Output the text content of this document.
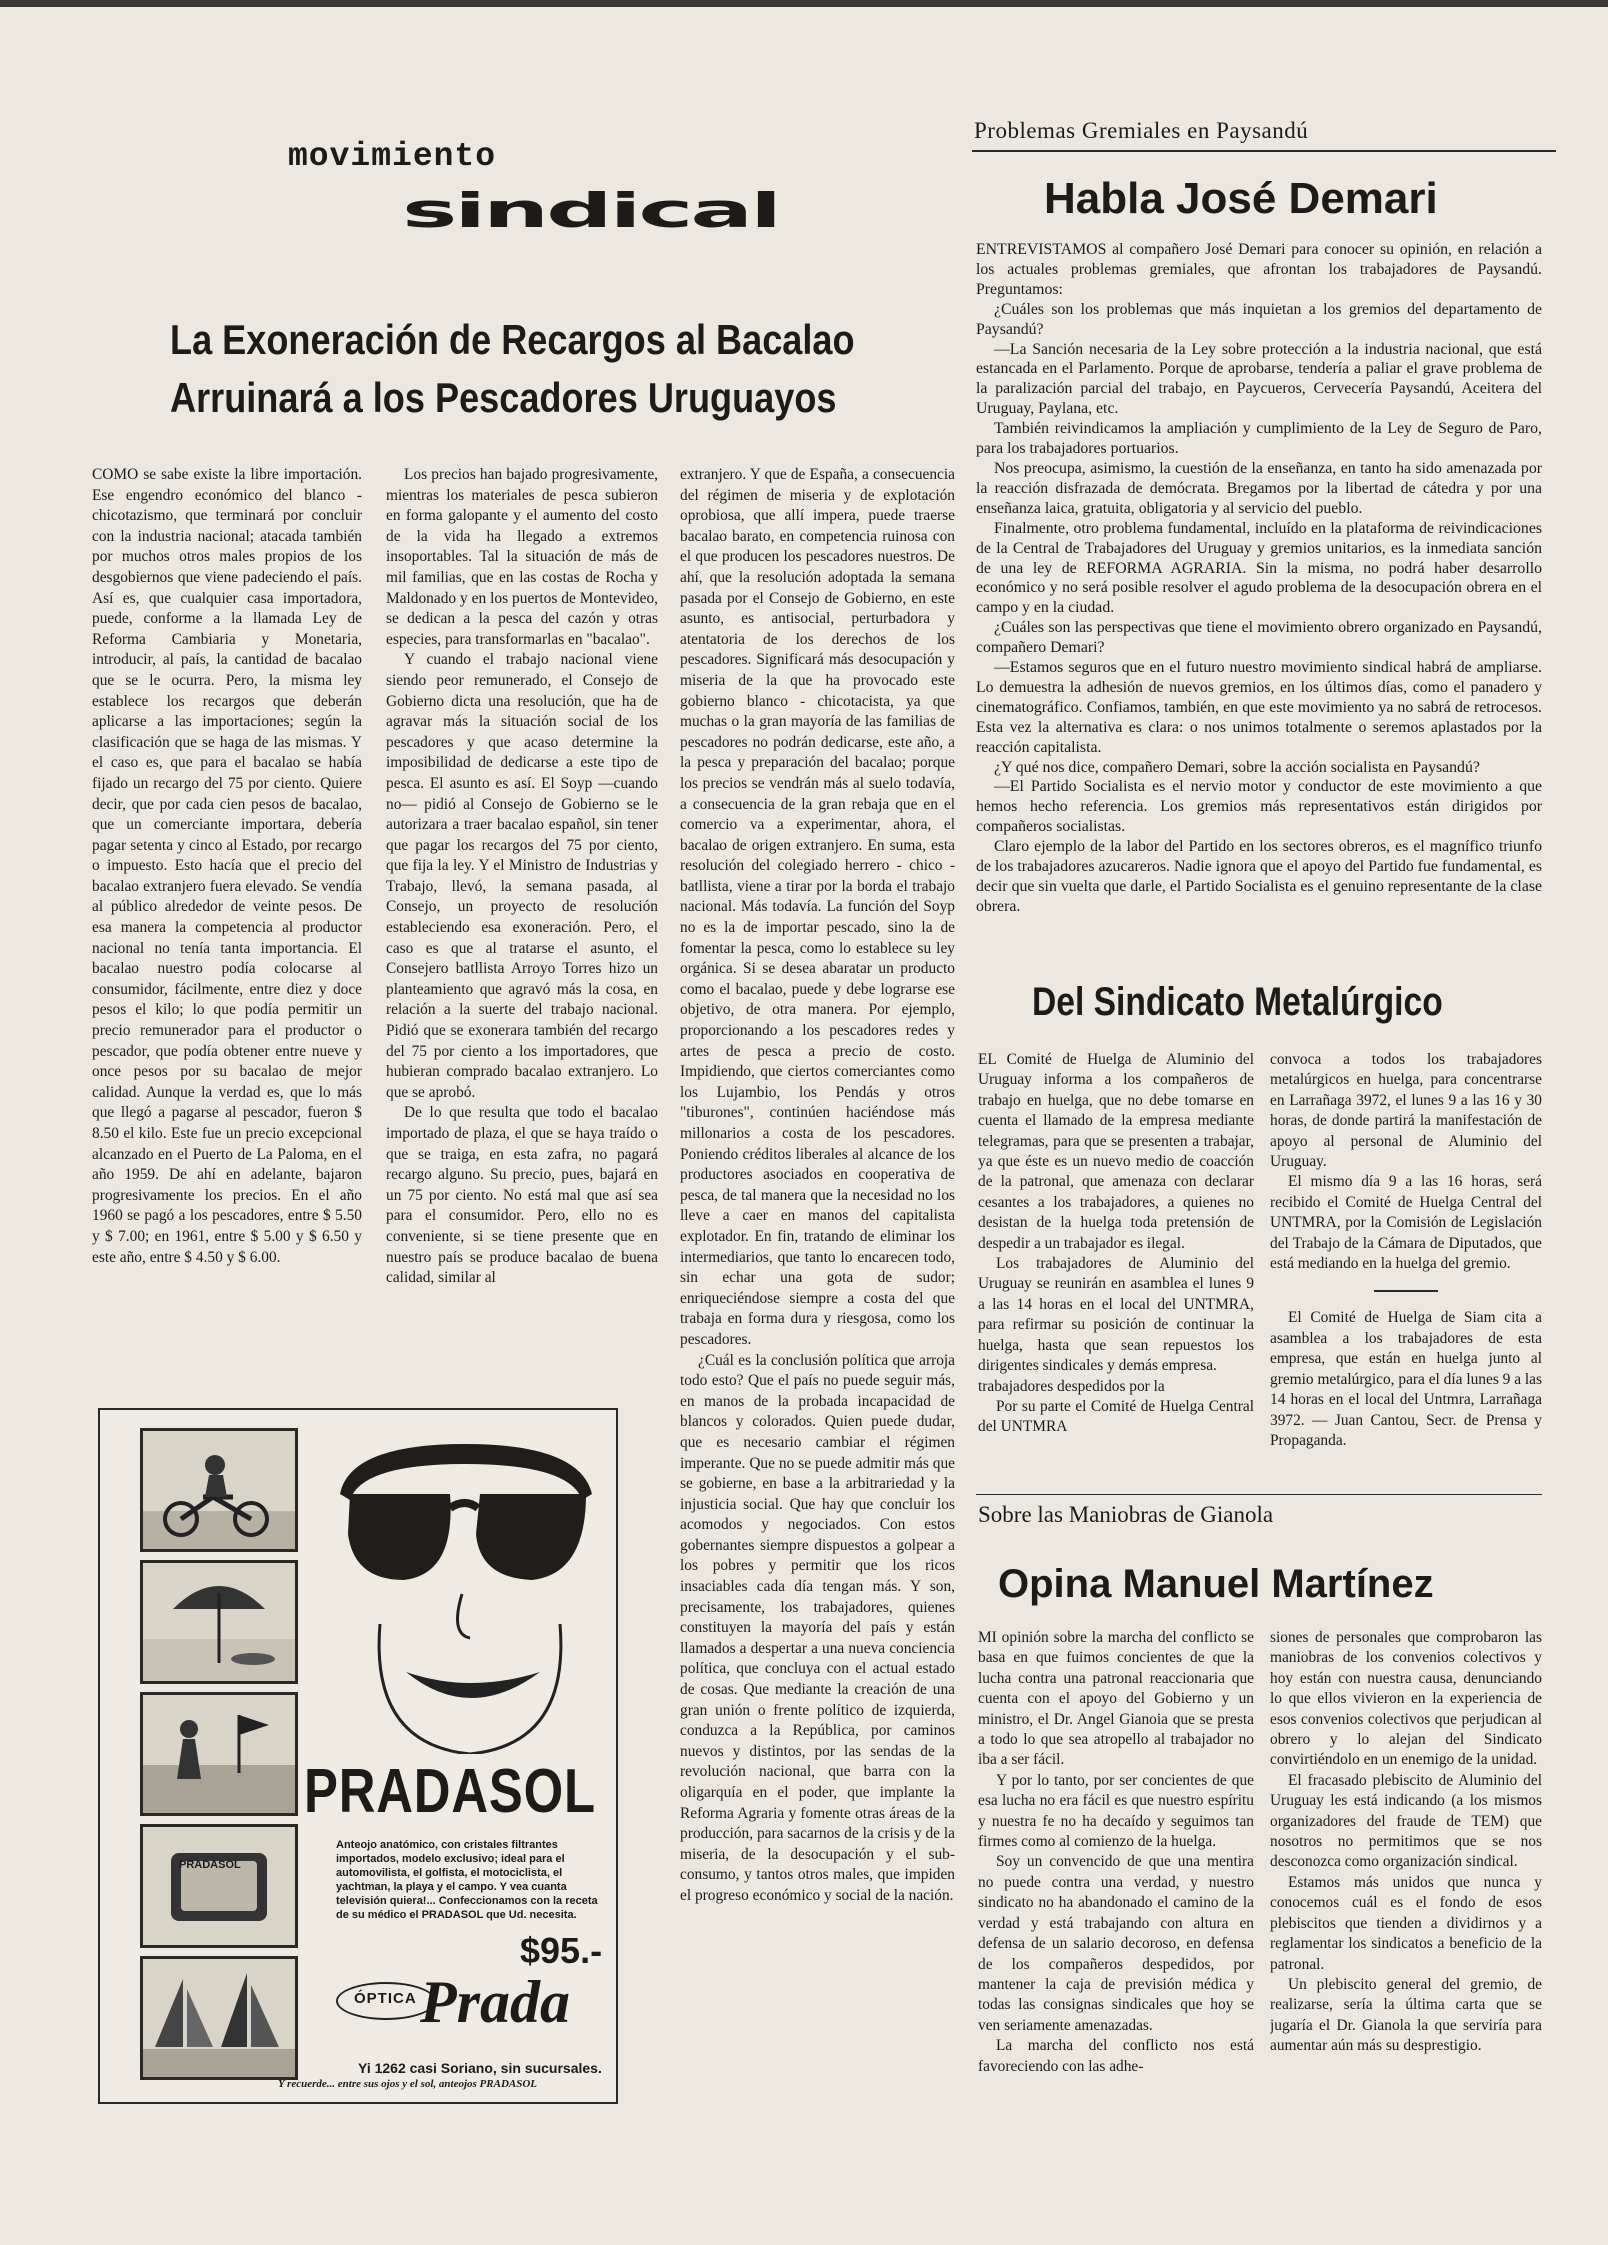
movimiento
sindical
La Exoneración de Recargos al Bacalao
Arruinará a los Pescadores Uruguayos

COMO se sabe existe la libre importación. Ese engendro económico del blanco - chicotazismo, que terminará por concluir con la industria nacional; atacada también por muchos otros males propios de los desgobiernos que viene padeciendo el país. Así es, que cualquier casa importadora, puede, conforme a la llamada Ley de Reforma Cambiaria y Monetaria, introducir, al país, la cantidad de bacalao que se le ocurra. Pero, la misma ley establece los recargos que deberán aplicarse a las importaciones; según la clasificación que se haga de las mismas. Y el caso es, que para el bacalao se había fijado un recargo del 75 por ciento. Quiere decir, que por cada cien pesos de bacalao, que un comerciante importara, debería pagar setenta y cinco al Estado, por recargo o impuesto. Esto hacía que el precio del bacalao extranjero fuera elevado. Se vendía al público alrededor de veinte pesos. De esa manera la competencia al productor nacional no tenía tanta importancia. El bacalao nuestro podía colocarse al consumidor, fácilmente, entre diez y doce pesos el kilo; lo que podía permitir un precio remunerador para el productor o pescador, que podía obtener entre nueve y once pesos por su bacalao de mejor calidad. Aunque la verdad es, que lo más que llegó a pagarse al pescador, fueron $ 8.50 el kilo. Este fue un precio excepcional alcanzado en el Puerto de La Paloma, en el año 1959. De ahí en adelante, bajaron progresivamente los precios. En el año 1960 se pagó a los pescadores, entre $ 5.50 y $ 7.00; en 1961, entre $ 5.00 y $ 6.50 y este año, entre $ 4.50 y $ 6.00.

Los precios han bajado progresivamente, mientras los materiales de pesca subieron en forma galopante y el aumento del costo de la vida ha llegado a extremos insoportables. Tal la situación de más de mil familias, que en las costas de Rocha y Maldonado y en los puertos de Montevideo, se dedican a la pesca del cazón y otras especies, para transformarlas en "bacalao".

Y cuando el trabajo nacional viene siendo peor remunerado, el Consejo de Gobierno dicta una resolución, que ha de agravar más la situación social de los pescadores y que acaso determine la imposibilidad de dedicarse a este tipo de pesca. El asunto es así. El Soyp —cuando no— pidió al Consejo de Gobierno se le autorizara a traer bacalao español, sin tener que pagar los recargos del 75 por ciento, que fija la ley. Y el Ministro de Industrias y Trabajo, llevó, la semana pasada, al Consejo, un proyecto de resolución estableciendo esa exoneración. Pero, el caso es que al tratarse el asunto, el Consejero batllista Arroyo Torres hizo un planteamiento que agravó más la cosa, en relación a la suerte del trabajo nacional. Pidió que se exonerara también del recargo del 75 por ciento a los importadores, que hubieran comprado bacalao extranjero. Lo que se aprobó.

De lo que resulta que todo el bacalao importado de plaza, el que se haya traído o que se traiga, en esta zafra, no pagará recargo alguno. Su precio, pues, bajará en un 75 por ciento. No está mal que así sea para el consumidor. Pero, ello no es conveniente, si se tiene presente que en nuestro país se produce bacalao de buena calidad, similar al

extranjero. Y que de España, a consecuencia del régimen de miseria y de explotación oprobiosa, que allí impera, puede traerse bacalao barato, en competencia ruinosa con el que producen los pescadores nuestros. De ahí, que la resolución adoptada la semana pasada por el Consejo de Gobierno, en este asunto, es antisocial, perturbadora y atentatoria de los derechos de los pescadores. Significará más desocupación y miseria de la que ha provocado este gobierno blanco - chicotacista, ya que muchas o la gran mayoría de las familias de pescadores no podrán dedicarse, este año, a la pesca y preparación del bacalao; porque los precios se vendrán más al suelo todavía, a consecuencia de la gran rebaja que en el comercio va a experimentar, ahora, el bacalao de origen extranjero. En suma, esta resolución del colegiado herrero - chico - batllista, viene a tirar por la borda el trabajo nacional. Más todavía. La función del Soyp no es la de importar pescado, sino la de fomentar la pesca, como lo establece su ley orgánica. Si se desea abaratar un producto como el bacalao, puede y debe lograrse ese objetivo, de otra manera. Por ejemplo, proporcionando a los pescadores redes y artes de pesca a precio de costo. Impidiendo, que ciertos comerciantes como los Lujambio, los Pendás y otros "tiburones", continúen haciéndose más millonarios a costa de los pescadores. Poniendo créditos liberales al alcance de los productores asociados en cooperativa de pesca, de tal manera que la necesidad no los lleve a caer en manos del capitalista explotador. En fin, tratando de eliminar los intermediarios, que tanto lo encarecen todo, sin echar una gota de sudor; enriqueciéndose siempre a costa del que trabaja en forma dura y riesgosa, como los pescadores.

¿Cuál es la conclusión política que arroja todo esto? Que el país no puede seguir más, en manos de la probada incapacidad de blancos y colorados. Quien puede dudar, que es necesario cambiar el régimen imperante. Que no se puede admitir más que se gobierne, en base a la arbitrariedad y la injusticia social. Que hay que concluir los acomodos y negociados. Con estos gobernantes siempre dispuestos a golpear a los pobres y permitir que los ricos insaciables cada día tengan más. Y son, precisamente, los trabajadores, quienes constituyen la mayoría del país y están llamados a despertar a una nueva conciencia política, que concluya con el actual estado de cosas. Que mediante la creación de una gran unión o frente político de izquierda, conduzca a la República, por caminos nuevos y distintos, por las sendas de la revolución nacional, que barra con la oligarquía en el poder, que implante la Reforma Agraria y fomente otras áreas de la producción, para sacarnos de la crisis y de la miseria, de la desocupación y el sub-consumo, y tantos otros males, que impiden el progreso económico y social de la nación.

PRADASOL
PRADASOL
Anteojo anatómico, con cristales filtrantes importados, modelo exclusivo; ideal para el automovilista, el golfista, el motociclista, el yachtman, la playa y el campo. Y vea cuanta televisión quiera!... Confeccionamos con la receta de su médico el PRADASOL que Ud. necesita.
$95.-
ÓPTICA Prada
Yi 1262 casi Soriano, sin sucursales.
Y recuerde... entre sus ojos y el sol, anteojos PRADASOL
Problemas Gremiales en Paysandú
Habla José Demari

ENTREVISTAMOS al compañero José Demari para conocer su opinión, en relación a los actuales problemas gremiales, que afrontan los trabajadores de Paysandú. Preguntamos:

¿Cuáles son los problemas que más inquietan a los gremios del departamento de Paysandú?

—La Sanción necesaria de la Ley sobre protección a la industria nacional, que está estancada en el Parlamento. Porque de aprobarse, tendería a paliar el grave problema de la paralización parcial del trabajo, en Paycueros, Cervecería Paysandú, Aceitera del Uruguay, Paylana, etc.

También reivindicamos la ampliación y cumplimiento de la Ley de Seguro de Paro, para los trabajadores portuarios.

Nos preocupa, asimismo, la cuestión de la enseñanza, en tanto ha sido amenazada por la reacción disfrazada de demócrata. Bregamos por la libertad de cátedra y por una enseñanza laica, gratuita, obligatoria y al servicio del pueblo.

Finalmente, otro problema fundamental, incluído en la plataforma de reivindicaciones de la Central de Trabajadores del Uruguay y gremios unitarios, es la inmediata sanción de una ley de REFORMA AGRARIA. Sin la misma, no podrá haber desarrollo económico y no será posible resolver el agudo problema de la desocupación obrera en el campo y en la ciudad.

¿Cuáles son las perspectivas que tiene el movimiento obrero organizado en Paysandú, compañero Demari?

—Estamos seguros que en el futuro nuestro movimiento sindical habrá de ampliarse. Lo demuestra la adhesión de nuevos gremios, en los últimos días, como el panadero y cinematográfico. Confiamos, también, en que este movimiento ya no sabrá de retrocesos. Esta vez la alternativa es clara: o nos unimos totalmente o seremos aplastados por la reacción capitalista.

¿Y qué nos dice, compañero Demari, sobre la acción socialista en Paysandú?

—El Partido Socialista es el nervio motor y conductor de este movimiento a que hemos hecho referencia. Los gremios más representativos están dirigidos por compañeros socialistas.

Claro ejemplo de la labor del Partido en los sectores obreros, es el magnífico triunfo de los trabajadores azucareros. Nadie ignora que el apoyo del Partido fue fundamental, es decir que sin vuelta que darle, el Partido Socialista es el genuino representante de la clase obrera.

Del Sindicato Metalúrgico

EL Comité de Huelga de Aluminio del Uruguay informa a los compañeros de trabajo en huelga, que no debe tomarse en cuenta el llamado de la empresa mediante telegramas, para que se presenten a trabajar, ya que éste es un nuevo medio de coacción de la patronal, que amenaza con declarar cesantes a los trabajadores, a quienes no desistan de la huelga toda pretensión de despedir a un trabajador es ilegal.

Los trabajadores de Aluminio del Uruguay se reunirán en asamblea el lunes 9 a las 14 horas en el local del UNTMRA, para refirmar su posición de continuar la huelga, hasta que sean repuestos los dirigentes sindicales y demás empresa.

trabajadores despedidos por la

Por su parte el Comité de Huelga Central del UNTMRA

convoca a todos los trabajadores metalúrgicos en huelga, para concentrarse en Larrañaga 3972, el lunes 9 a las 16 y 30 horas, de donde partirá la manifestación de apoyo al personal de Aluminio del Uruguay.

El mismo día 9 a las 16 horas, será recibido el Comité de Huelga Central del UNTMRA, por la Comisión de Legislación del Trabajo de la Cámara de Diputados, que está mediando en la huelga del gremio.

El Comité de Huelga de Siam cita a asamblea a los trabajadores de esta empresa, que están en huelga junto al gremio metalúrgico, para el día lunes 9 a las 14 horas en el local del Untmra, Larrañaga 3972. — Juan Cantou, Secr. de Prensa y Propaganda.

Sobre las Maniobras de Gianola
Opina Manuel Martínez

MI opinión sobre la marcha del conflicto se basa en que fuimos concientes de que la lucha contra una patronal reaccionaria que cuenta con el apoyo del Gobierno y un ministro, el Dr. Angel Gianoia que se presta a todo lo que sea atropello al trabajador no iba a ser fácil.

Y por lo tanto, por ser concientes de que esa lucha no era fácil es que nuestro espíritu y nuestra fe no ha decaído y seguimos tan firmes como al comienzo de la huelga.

Soy un convencido de que una mentira no puede contra una verdad, y nuestro sindicato no ha abandonado el camino de la verdad y está trabajando con altura en defensa de un salario decoroso, en defensa de los compañeros despedidos, por mantener la caja de previsión médica y todas las consignas sindicales que hoy se ven seriamente amenazadas.

La marcha del conflicto nos está favoreciendo con las adhe-

siones de personales que comprobaron las maniobras de los convenios colectivos y hoy están con nuestra causa, denunciando lo que ellos vivieron en la experiencia de esos convenios colectivos que perjudican al obrero y lo alejan del Sindicato convirtiéndolo en un enemigo de la unidad.

El fracasado plebiscito de Aluminio del Uruguay les está indicando (a los mismos organizadores del fraude de TEM) que nosotros no permitimos que se nos desconozca como organización sindical.

Estamos más unidos que nunca y conocemos cuál es el fondo de esos plebiscitos que tienden a dividirnos y a reglamentar los sindicatos a beneficio de la patronal.

Un plebiscito general del gremio, de realizarse, sería la última carta que se jugaría el Dr. Gianola la que serviría para aumentar aún más su desprestigio.
